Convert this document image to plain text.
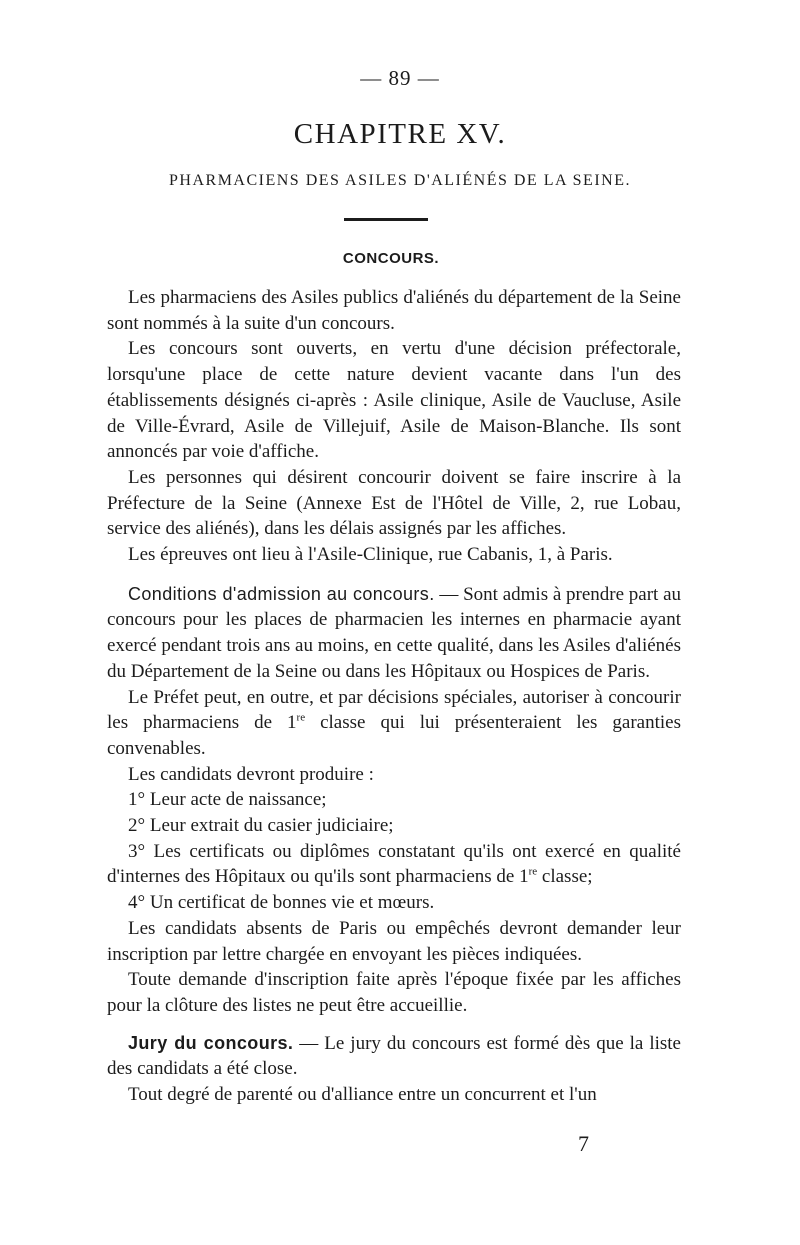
— 89 —
CHAPITRE XV.
PHARMACIENS DES ASILES D'ALIÉNÉS DE LA SEINE.
CONCOURS.

Les pharmaciens des Asiles publics d'aliénés du département de la Seine sont nommés à la suite d'un concours.

Les concours sont ouverts, en vertu d'une décision préfectorale, lorsqu'une place de cette nature devient vacante dans l'un des établissements désignés ci-après : Asile clinique, Asile de Vaucluse, Asile de Ville-Évrard, Asile de Villejuif, Asile de Maison-Blanche. Ils sont annoncés par voie d'affiche.

Les personnes qui désirent concourir doivent se faire inscrire à la Préfecture de la Seine (Annexe Est de l'Hôtel de Ville, 2, rue Lobau, service des aliénés), dans les délais assignés par les affiches.

Les épreuves ont lieu à l'Asile-Clinique, rue Cabanis, 1, à Paris.

Conditions d'admission au concours. — Sont admis à prendre part au concours pour les places de pharmacien les internes en pharmacie ayant exercé pendant trois ans au moins, en cette qualité, dans les Asiles d'aliénés du Département de la Seine ou dans les Hôpitaux ou Hospices de Paris.

Le Préfet peut, en outre, et par décisions spéciales, autoriser à concourir les pharmaciens de 1re classe qui lui présenteraient les garanties convenables.

Les candidats devront produire :

1° Leur acte de naissance;

2° Leur extrait du casier judiciaire;

3° Les certificats ou diplômes constatant qu'ils ont exercé en qualité d'internes des Hôpitaux ou qu'ils sont pharmaciens de 1re classe;

4° Un certificat de bonnes vie et mœurs.

Les candidats absents de Paris ou empêchés devront demander leur inscription par lettre chargée en envoyant les pièces indiquées.

Toute demande d'inscription faite après l'époque fixée par les affiches pour la clôture des listes ne peut être accueillie.

Jury du concours. — Le jury du concours est formé dès que la liste des candidats a été close.

Tout degré de parenté ou d'alliance entre un concurrent et l'un

7
